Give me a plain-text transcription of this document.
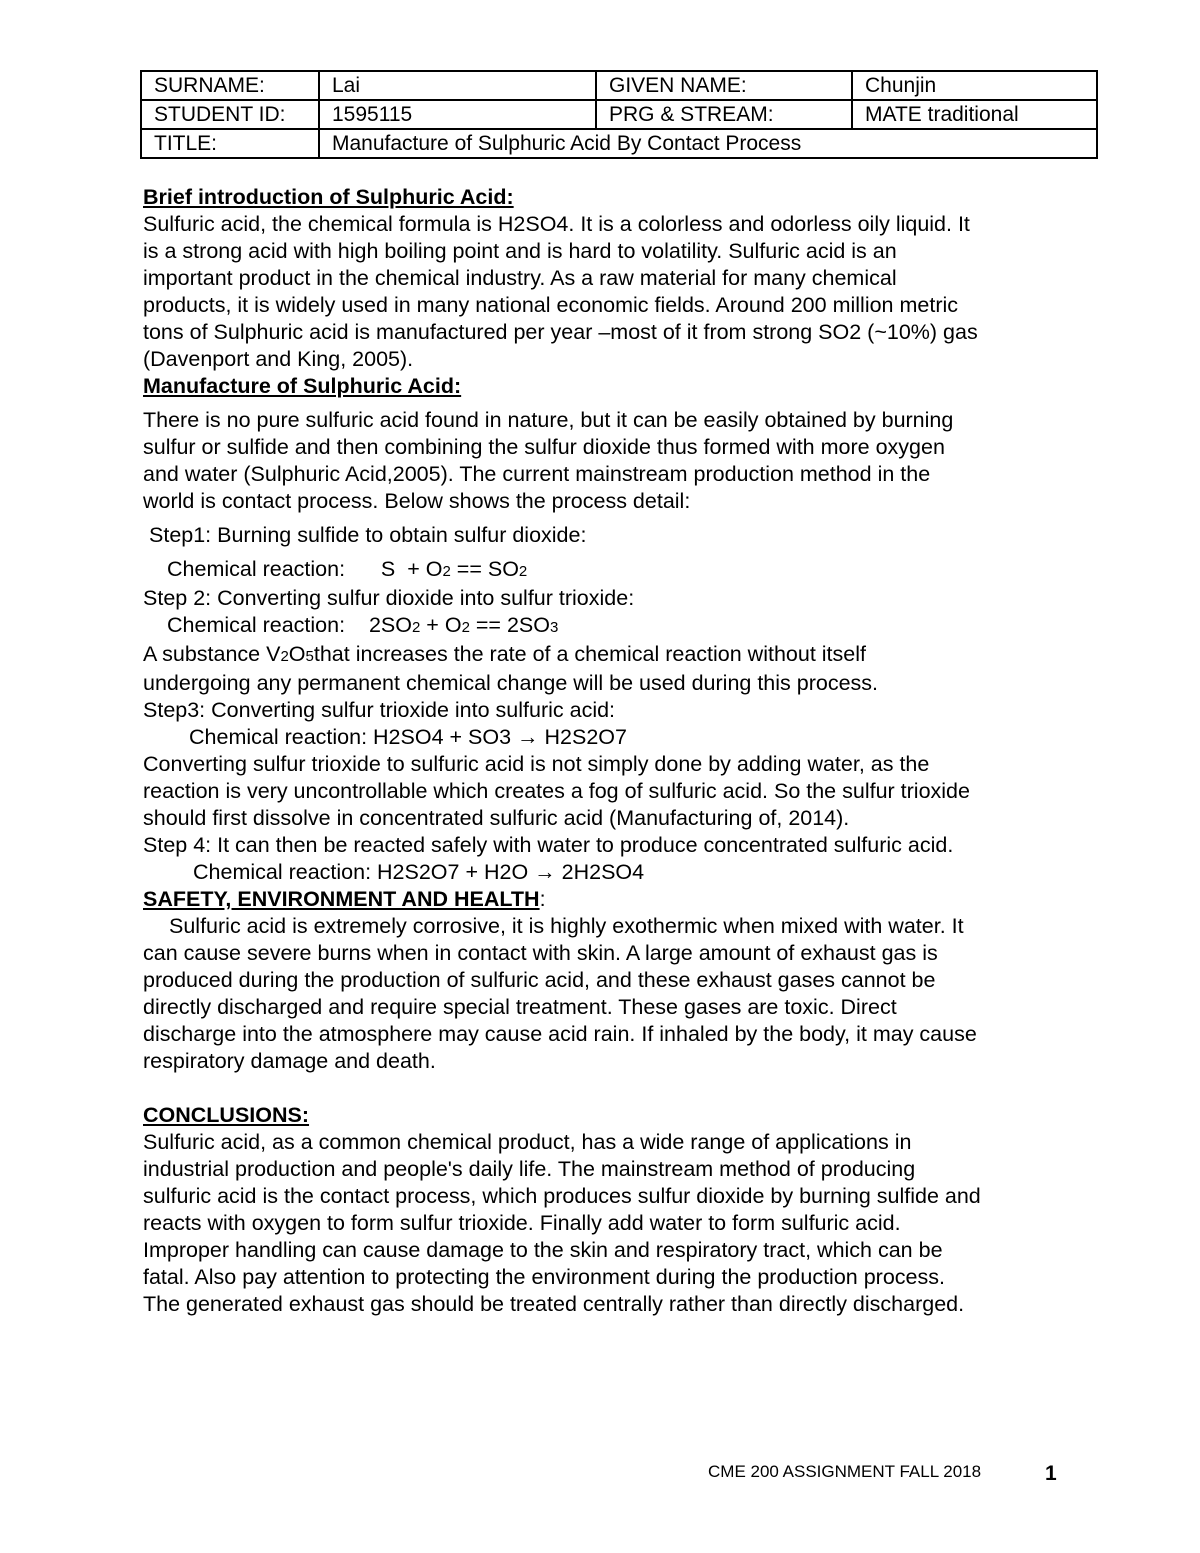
SURNAME:	Lai	GIVEN NAME:	Chunjin
STUDENT ID:	1595115	PRG & STREAM:	MATE traditional
TITLE:	Manufacture of Sulphuric Acid By Contact Process		

Brief introduction of Sulphuric Acid:

Sulfuric acid, the chemical formula is H2SO4. It is a colorless and odorless oily liquid. It

is a strong acid with high boiling point and is hard to volatility. Sulfuric acid is an

important product in the chemical industry. As a raw material for many chemical

products, it is widely used in many national economic fields. Around 200 million metric

tons of Sulphuric acid is manufactured per year –most of it from strong SO2 (~10%) gas

(Davenport and King, 2005).

Manufacture of Sulphuric Acid:

There is no pure sulfuric acid found in nature, but it can be easily obtained by burning

sulfur or sulfide and then combining the sulfur dioxide thus formed with more oxygen

and water (Sulphuric Acid,2005). The current mainstream production method in the

world is contact process. Below shows the process detail:

Step1: Burning sulfide to obtain sulfur dioxide:

Chemical reaction: S + O2 == SO2

Step 2: Converting sulfur dioxide into sulfur trioxide:

Chemical reaction: 2SO2 + O2 == 2SO3

A substance V2O5that increases the rate of a chemical reaction without itself

undergoing any permanent chemical change will be used during this process.

Step3: Converting sulfur trioxide into sulfuric acid:

Chemical reaction: H2SO4 + SO3 → H2S2O7

Converting sulfur trioxide to sulfuric acid is not simply done by adding water, as the

reaction is very uncontrollable which creates a fog of sulfuric acid. So the sulfur trioxide

should first dissolve in concentrated sulfuric acid (Manufacturing of, 2014).

Step 4: It can then be reacted safely with water to produce concentrated sulfuric acid.

Chemical reaction: H2S2O7 + H2O → 2H2SO4

SAFETY, ENVIRONMENT AND HEALTH:

Sulfuric acid is extremely corrosive, it is highly exothermic when mixed with water. It

can cause severe burns when in contact with skin. A large amount of exhaust gas is

produced during the production of sulfuric acid, and these exhaust gases cannot be

directly discharged and require special treatment. These gases are toxic. Direct

discharge into the atmosphere may cause acid rain. If inhaled by the body, it may cause

respiratory damage and death.

CONCLUSIONS:

Sulfuric acid, as a common chemical product, has a wide range of applications in

industrial production and people's daily life. The mainstream method of producing

sulfuric acid is the contact process, which produces sulfur dioxide by burning sulfide and

reacts with oxygen to form sulfur trioxide. Finally add water to form sulfuric acid.

Improper handling can cause damage to the skin and respiratory tract, which can be

fatal. Also pay attention to protecting the environment during the production process.

The generated exhaust gas should be treated centrally rather than directly discharged.

CME 200 ASSIGNMENT FALL 2018	1
